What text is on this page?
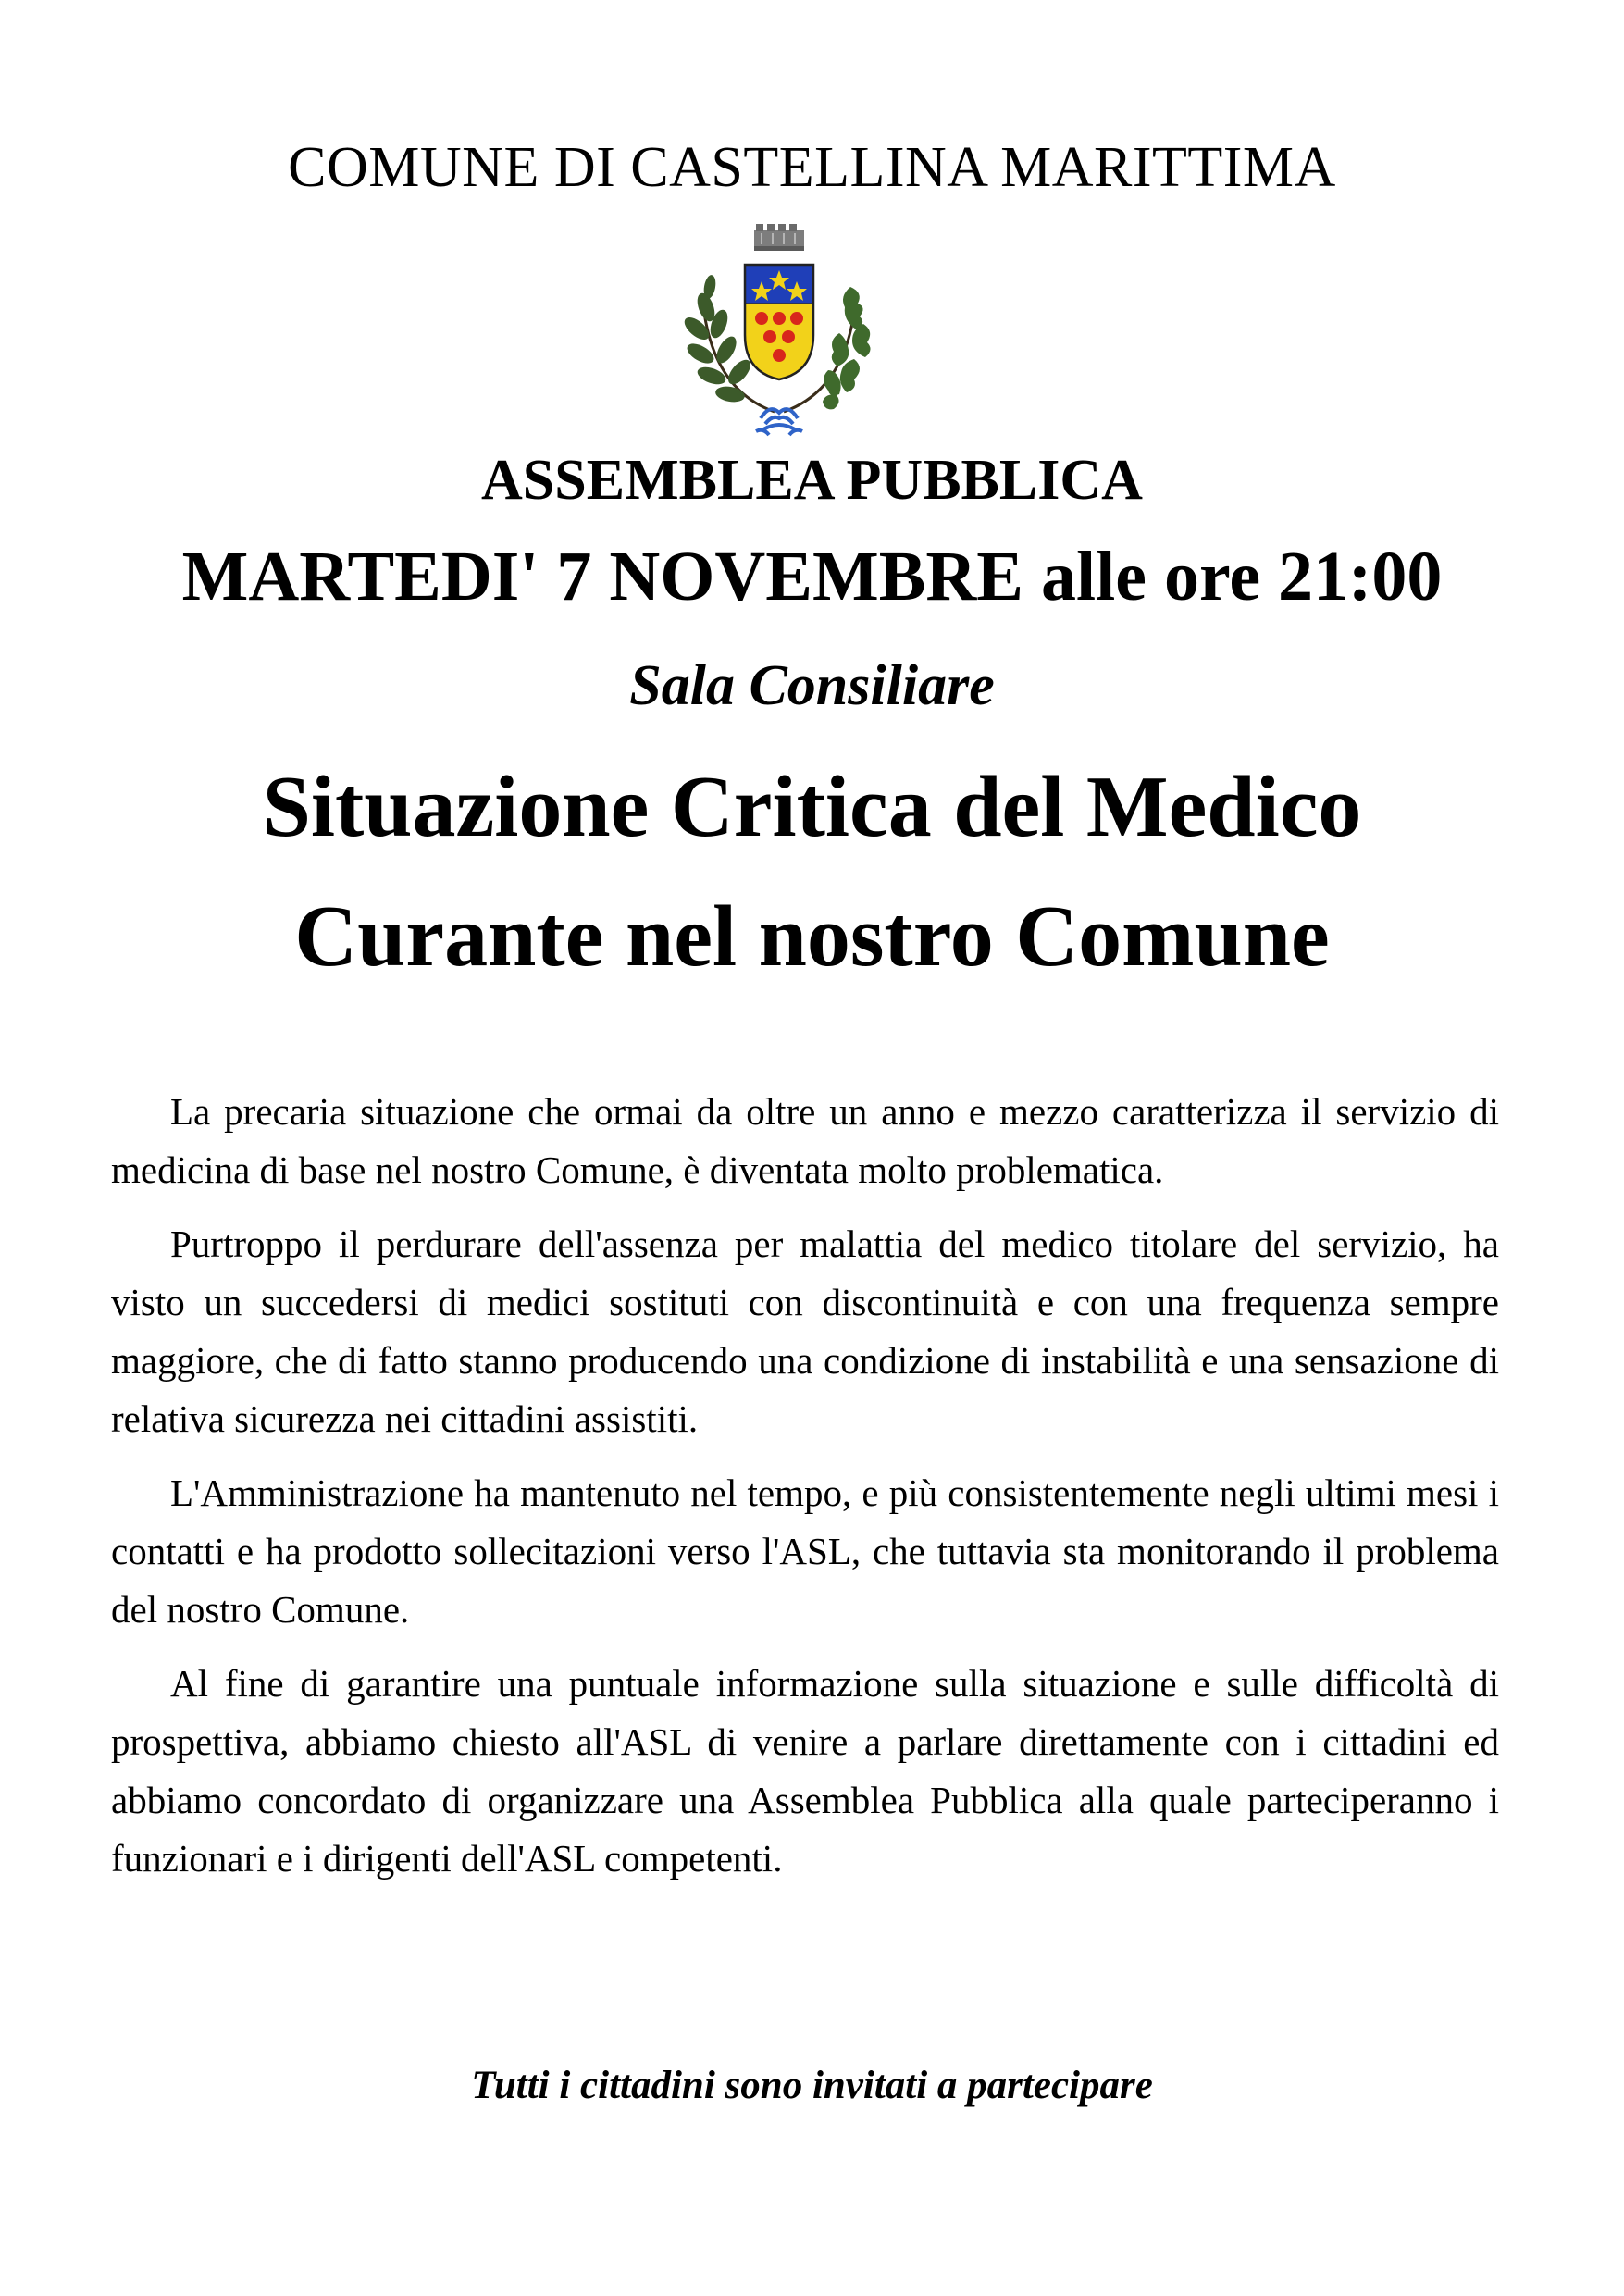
COMUNE DI CASTELLINA MARITTIMA
ASSEMBLEA PUBBLICA
MARTEDI' 7 NOVEMBRE alle ore 21:00
Sala Consiliare
Situazione Critica del Medico
Curante nel nostro Comune

La precaria situazione che ormai da oltre un anno e mezzo caratterizza il servizio di medicina di base nel nostro Comune, è diventata molto problematica.

Purtroppo il perdurare dell'assenza per malattia del medico titolare del servizio, ha visto un succedersi di medici sostituti con discontinuità e con una frequenza sempre maggiore, che di fatto stanno producendo una condizione di instabilità e una sensazione di relativa sicurezza nei cittadini assistiti.

L'Amministrazione ha mantenuto nel tempo, e più consistentemente negli ultimi mesi i contatti e ha prodotto sollecitazioni verso l'ASL, che tuttavia sta monitorando il problema del nostro Comune.

Al fine di garantire una puntuale informazione sulla situazione e sulle difficoltà di prospettiva, abbiamo chiesto all'ASL di venire a parlare direttamente con i cittadini ed abbiamo concordato di organizzare una Assemblea Pubblica alla quale parteciperanno i funzionari e i dirigenti dell'ASL competenti.

Tutti i cittadini sono invitati a partecipare
